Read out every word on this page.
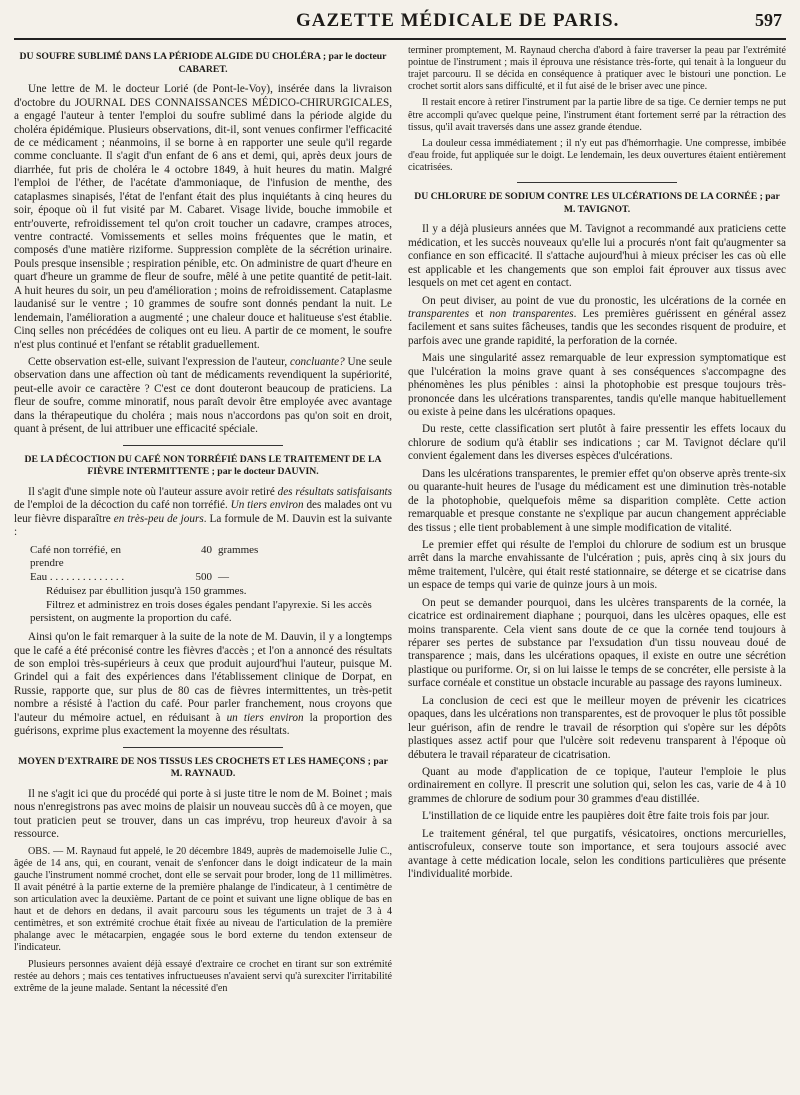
GAZETTE MÉDICALE DE PARIS.	597
DU SOUFRE SUBLIMÉ DANS LA PÉRIODE ALGIDE DU CHOLÉRA ; par le docteur CABARET.

Une lettre de M. le docteur Lorié (de Pont-le-Voy), insérée dans la livraison d'octobre du JOURNAL DES CONNAISSANCES MÉDICO-CHIRURGICALES, a engagé l'auteur à tenter l'emploi du soufre sublimé dans la période algide du choléra épidémique. Plusieurs observations, dit-il, sont venues confirmer l'efficacité de ce médicament ; néanmoins, il se borne à en rapporter une seule qu'il regarde comme concluante. Il s'agit d'un enfant de 6 ans et demi, qui, après deux jours de diarrhée, fut pris de choléra le 4 octobre 1849, à huit heures du matin. Malgré l'emploi de l'éther, de l'acétate d'ammoniaque, de l'infusion de menthe, des cataplasmes sinapisés, l'état de l'enfant était des plus inquiétants à cinq heures du soir, époque où il fut visité par M. Cabaret. Visage livide, bouche immobile et entr'ouverte, refroidissement tel qu'on croit toucher un cadavre, crampes atroces, ventre contracté. Vomissements et selles moins fréquentes que le matin, et composés d'une matière riziforme. Suppression complète de la sécrétion urinaire. Pouls presque insensible ; respiration pénible, etc. On administre de quart d'heure en quart d'heure un gramme de fleur de soufre, mêlé à une petite quantité de petit-lait. A huit heures du soir, un peu d'amélioration ; moins de refroidissement. Cataplasme laudanisé sur le ventre ; 10 grammes de soufre sont donnés pendant la nuit. Le lendemain, l'amélioration a augmenté ; une chaleur douce et halitueuse s'est établie. Cinq selles non précédées de coliques ont eu lieu. A partir de ce moment, le soufre n'est plus continué et l'enfant se rétablit graduellement.

Cette observation est-elle, suivant l'expression de l'auteur, concluante? Une seule observation dans une affection où tant de médicaments revendiquent la supériorité, peut-elle avoir ce caractère ? C'est ce dont douteront beaucoup de praticiens. La fleur de soufre, comme minoratif, nous paraît devoir être employée avec avantage dans la thérapeutique du choléra ; mais nous n'accordons pas qu'on soit en droit, quant à présent, de lui attribuer une efficacité spéciale.

DE LA DÉCOCTION DU CAFÉ NON TORRÉFIÉ DANS LE TRAITEMENT DE LA FIÈVRE INTERMITTENTE ; par le docteur DAUVIN.

Il s'agit d'une simple note où l'auteur assure avoir retiré des résultats satisfaisants de l'emploi de la décoction du café non torréfié. Un tiers environ des malades ont vu leur fièvre disparaître en très-peu de jours. La formule de M. Dauvin est la suivante :

Café non torréfié, en prendre
40 grammes
Eau . . . . . . . . . . . . . .	500 —
Réduisez par ébullition jusqu'à 150 grammes.
Filtrez et administrez en trois doses égales pendant l'apyrexie. Si les accès persistent, on augmente la proportion du café.

Ainsi qu'on le fait remarquer à la suite de la note de M. Dauvin, il y a longtemps que le café a été préconisé contre les fièvres d'accès ; et l'on a annoncé des résultats de son emploi très-supérieurs à ceux que produit aujourd'hui l'auteur, puisque M. Grindel qui a fait des expériences dans l'établissement clinique de Dorpat, en Russie, rapporte que, sur plus de 80 cas de fièvres intermittentes, un très-petit nombre a résisté à l'action du café. Pour parler franchement, nous croyons que l'auteur du mémoire actuel, en réduisant à un tiers environ la proportion des guérisons, exprime plus exactement la moyenne des résultats.

MOYEN D'EXTRAIRE DE NOS TISSUS LES CROCHETS ET LES HAMEÇONS ; par M. RAYNAUD.

Il ne s'agit ici que du procédé qui porte à si juste titre le nom de M. Boinet ; mais nous n'enregistrons pas avec moins de plaisir un nouveau succès dû à ce moyen, que tout praticien peut se trouver, dans un cas imprévu, trop heureux d'avoir à sa ressource.

OBS. — M. Raynaud fut appelé, le 20 décembre 1849, auprès de mademoiselle Julie C., âgée de 14 ans, qui, en courant, venait de s'enfoncer dans le doigt indicateur de la main gauche l'instrument nommé crochet, dont elle se servait pour broder, long de 11 millimètres. Il avait pénétré à la partie externe de la première phalange de l'indicateur, à 1 centimètre de son articulation avec la deuxième. Partant de ce point et suivant une ligne oblique de bas en haut et de dehors en dedans, il avait parcouru sous les téguments un trajet de 3 à 4 centimètres, et son extrémité crochue était fixée au niveau de l'articulation de la première phalange avec le métacarpien, engagée sous le bord externe du tendon extenseur de l'indicateur.

Plusieurs personnes avaient déjà essayé d'extraire ce crochet en tirant sur son extrémité restée au dehors ; mais ces tentatives infructueuses n'avaient servi qu'à surexciter l'irritabilité extrême de la jeune malade. Sentant la nécessité d'en

terminer promptement, M. Raynaud chercha d'abord à faire traverser la peau par l'extrémité pointue de l'instrument ; mais il éprouva une résistance très-forte, qui tenait à la longueur du trajet parcouru. Il se décida en conséquence à pratiquer avec le bistouri une ponction. Le crochet sortit alors sans difficulté, et il fut aisé de le briser avec une pince.

Il restait encore à retirer l'instrument par la partie libre de sa tige. Ce dernier temps ne put être accompli qu'avec quelque peine, l'instrument étant fortement serré par la rétraction des tissus, qu'il avait traversés dans une assez grande étendue.

La douleur cessa immédiatement ; il n'y eut pas d'hémorrhagie. Une compresse, imbibée d'eau froide, fut appliquée sur le doigt. Le lendemain, les deux ouvertures étaient entièrement cicatrisées.

DU CHLORURE DE SODIUM CONTRE LES ULCÉRATIONS DE LA CORNÉE ; par M. TAVIGNOT.

Il y a déjà plusieurs années que M. Tavignot a recommandé aux praticiens cette médication, et les succès nouveaux qu'elle lui a procurés n'ont fait qu'augmenter sa confiance en son efficacité. Il s'attache aujourd'hui à mieux préciser les cas où elle est applicable et les changements que son emploi fait éprouver aux tissus avec lesquels on met cet agent en contact.

On peut diviser, au point de vue du pronostic, les ulcérations de la cornée en transparentes et non transparentes. Les premières guérissent en général assez facilement et sans suites fâcheuses, tandis que les secondes risquent de produire, et parfois avec une grande rapidité, la perforation de la cornée.

Mais une singularité assez remarquable de leur expression symptomatique est que l'ulcération la moins grave quant à ses conséquences s'accompagne des phénomènes les plus pénibles : ainsi la photophobie est presque toujours très-prononcée dans les ulcérations transparentes, tandis qu'elle manque habituellement ou existe à peine dans les ulcérations opaques.

Du reste, cette classification sert plutôt à faire pressentir les effets locaux du chlorure de sodium qu'à établir ses indications ; car M. Tavignot déclare qu'il convient également dans les diverses espèces d'ulcérations.

Dans les ulcérations transparentes, le premier effet qu'on observe après trente-six ou quarante-huit heures de l'usage du médicament est une diminution très-notable de la photophobie, quelquefois même sa disparition complète. Cette action remarquable et presque constante ne s'explique par aucun changement appréciable des tissus ; elle tient probablement à une simple modification de vitalité.

Le premier effet qui résulte de l'emploi du chlorure de sodium est un brusque arrêt dans la marche envahissante de l'ulcération ; puis, après cinq à six jours du même traitement, l'ulcère, qui était resté stationnaire, se déterge et se cicatrise dans un espace de temps qui varie de quinze jours à un mois.

On peut se demander pourquoi, dans les ulcères transparents de la cornée, la cicatrice est ordinairement diaphane ; pourquoi, dans les ulcères opaques, elle est moins transparente. Cela vient sans doute de ce que la cornée tend toujours à réparer ses pertes de substance par l'exsudation d'un tissu nouveau doué de transparence ; mais, dans les ulcérations opaques, il existe en outre une sécrétion plastique ou puriforme. Or, si on lui laisse le temps de se concréter, elle persiste à la surface cornéale et constitue un obstacle incurable au passage des rayons lumineux.

La conclusion de ceci est que le meilleur moyen de prévenir les cicatrices opaques, dans les ulcérations non transparentes, est de provoquer le plus tôt possible leur guérison, afin de rendre le travail de résorption qui s'opère sur les dépôts plastiques assez actif pour que l'ulcère soit redevenu transparent à l'époque où débutera le travail réparateur de cicatrisation.

Quant au mode d'application de ce topique, l'auteur l'emploie le plus ordinairement en collyre. Il prescrit une solution qui, selon les cas, varie de 4 à 10 grammes de chlorure de sodium pour 30 grammes d'eau distillée.

L'instillation de ce liquide entre les paupières doit être faite trois fois par jour.

Le traitement général, tel que purgatifs, vésicatoires, onctions mercurielles, antiscrofuleux, conserve toute son importance, et sera toujours associé avec avantage à cette médication locale, selon les conditions particulières que présente l'individualité morbide.
